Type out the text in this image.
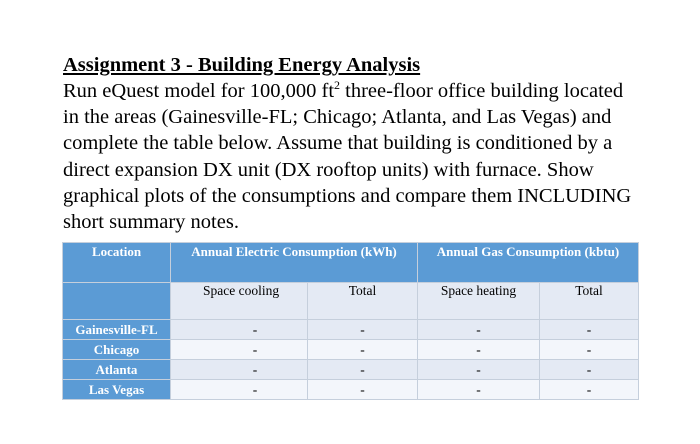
Assignment 3 - Building Energy Analysis

Run eQuest model for 100,000 $ft^2$ three-floor office building located in the areas (Gainesville-FL; Chicago; Atlanta, and Las Vegas) and complete the table below. Assume that building is conditioned by a direct expansion DX unit (DX rooftop units) with furnace. Show graphical plots of the consumptions and compare them INCLUDING short summary notes.

Location	Annual Electric Consumption (kWh)		Annual Gas Consumption (kbtu)	
	Space cooling	Total	Space heating	Total
Gainesville-FL	-	-	-	-
Chicago	-	-	-	-
Atlanta	-	-	-	-
Las Vegas	-	-	-	-
